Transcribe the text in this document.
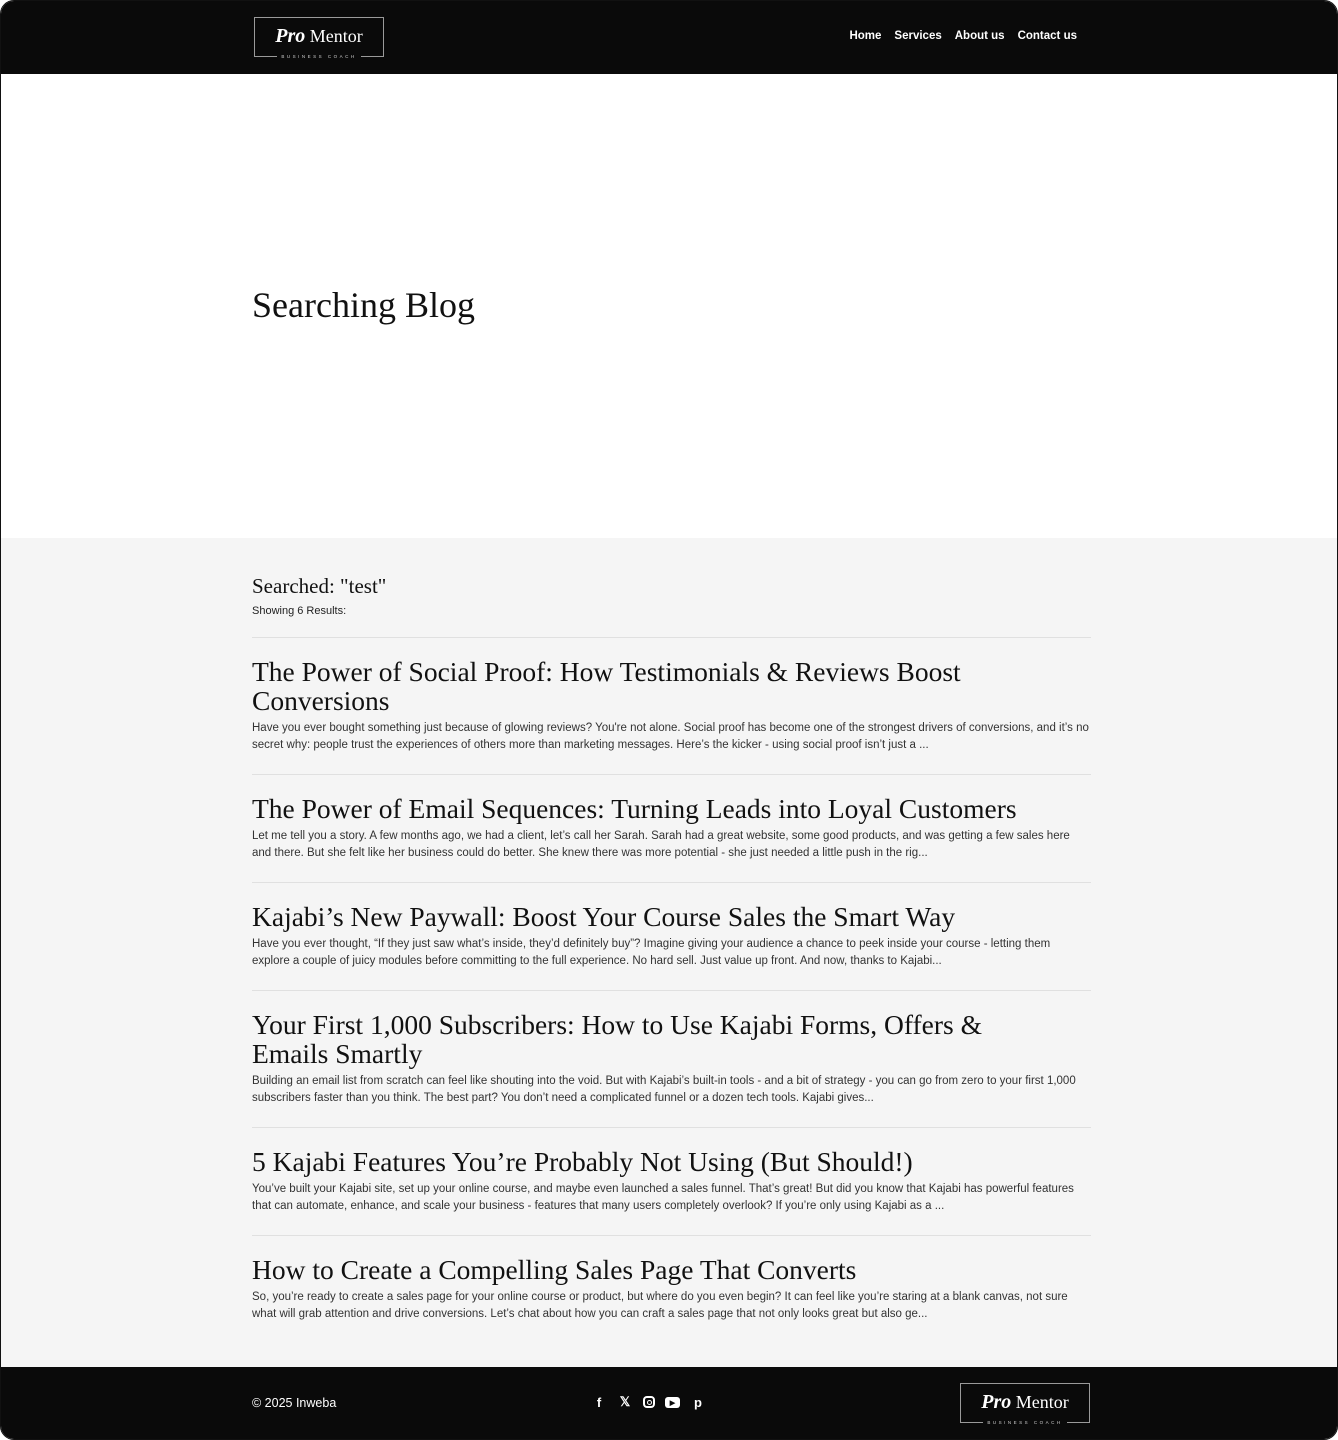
Pro Mentor
BUSINESS COACH
Home Services About us Contact us
Searching Blog
Searched: "test"
Showing 6 Results:
The Power of Social Proof: How Testimonials & Reviews Boost Conversions

Have you ever bought something just because of glowing reviews? You're not alone. Social proof has become one of the strongest drivers of conversions, and it’s no secret why: people trust the experiences of others more than marketing messages. Here’s the kicker - using social proof isn’t just a ...

The Power of Email Sequences: Turning Leads into Loyal Customers

Let me tell you a story. A few months ago, we had a client, let’s call her Sarah. Sarah had a great website, some good products, and was getting a few sales here and there. But she felt like her business could do better. She knew there was more potential - she just needed a little push in the rig...

Kajabi’s New Paywall: Boost Your Course Sales the Smart Way

Have you ever thought, “If they just saw what’s inside, they’d definitely buy”? Imagine giving your audience a chance to peek inside your course - letting them explore a couple of juicy modules before committing to the full experience. No hard sell. Just value up front. And now, thanks to Kajabi...

Your First 1,000 Subscribers: How to Use Kajabi Forms, Offers & Emails Smartly

Building an email list from scratch can feel like shouting into the void. But with Kajabi’s built-in tools - and a bit of strategy - you can go from zero to your first 1,000 subscribers faster than you think. The best part? You don’t need a complicated funnel or a dozen tech tools. Kajabi gives...

5 Kajabi Features You’re Probably Not Using (But Should!)

You’ve built your Kajabi site, set up your online course, and maybe even launched a sales funnel. That’s great! But did you know that Kajabi has powerful features that can automate, enhance, and scale your business - features that many users completely overlook? If you’re only using Kajabi as a ...

How to Create a Compelling Sales Page That Converts

So, you’re ready to create a sales page for your online course or product, but where do you even begin? It can feel like you’re staring at a blank canvas, not sure what will grab attention and drive conversions. Let’s chat about how you can craft a sales page that not only looks great but also ge...

© 2025 Inweba	f	𝕏	▶	p	Pro Mentor
BUSINESS COACH
